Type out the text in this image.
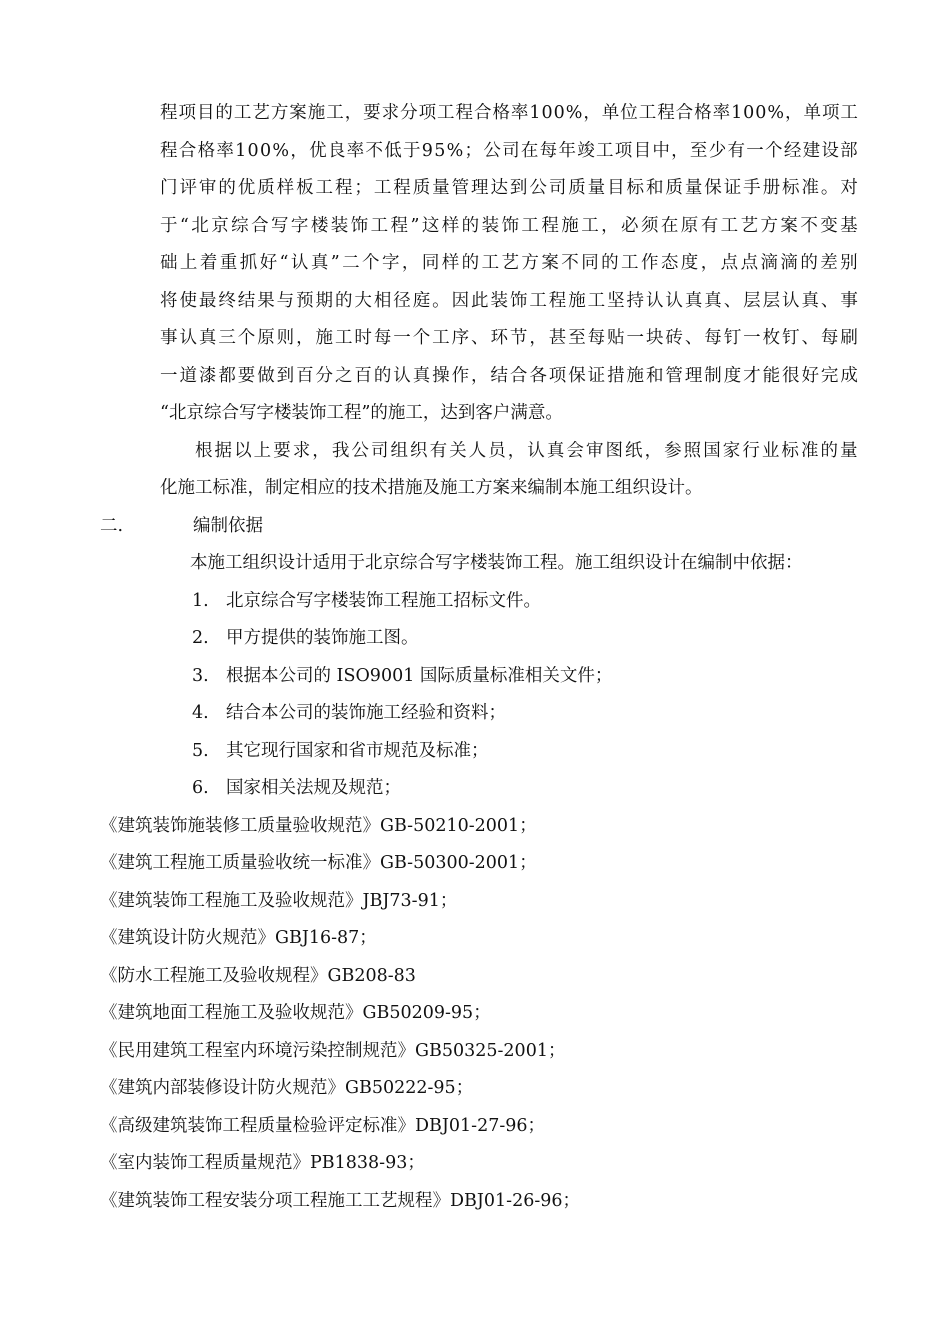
程 项 目 的 工 艺 方 案 施 工 ， 要 求 分 项 工 程 合 格 率 1 0 0 % ， 单 位 工 程 合 格 率 1 0 0 % ， 单 项 工
程 合 格 率 1 0 0 % ， 优 良 率 不 低 于 9 5 % ； 公 司 在 每 年 竣 工 项 目 中 ， 至 少 有 一 个 经 建 设 部
门 评 审 的 优 质 样 板 工 程 ； 工 程 质 量 管 理 达 到 公 司 质 量 目 标 和 质 量 保 证 手 册 标 准 。 对
于 “ 北 京 综 合 写 字 楼 装 饰 工 程 ” 这 样 的 装 饰 工 程 施 工 ， 必 须 在 原 有 工 艺 方 案 不 变 基
础 上 着 重 抓 好 “ 认 真 ” 二 个 字 ， 同 样 的 工 艺 方 案 不 同 的 工 作 态 度 ， 点 点 滴 滴 的 差 别
将 使 最 终 结 果 与 预 期 的 大 相 径 庭 。 因 此 装 饰 工 程 施 工 坚 持 认 认 真 真 、 层 层 认 真 、 事
事 认 真 三 个 原 则 ， 施 工 时 每 一 个 工 序 、 环 节 ， 甚 至 每 贴 一 块 砖 、 每 钉 一 枚 钉 、 每 刷
一 道 漆 都 要 做 到 百 分 之 百 的 认 真 操 作 ， 结 合 各 项 保 证 措 施 和 管 理 制 度 才 能 很 好 完 成
“北京综合写字楼装饰工程”的施工，达到客户满意。
根 据 以 上 要 求 ， 我 公 司 组 织 有 关 人 员 ， 认 真 会 审 图 纸 ， 参 照 国 家 行 业 标 准 的 量
化施工标准，制定相应的技术措施及施工方案来编制本施工组织设计。
二.	编制依据
本施工组织设计适用于北京综合写字楼装饰工程。施工组织设计在编制中依据：
1. 北京综合写字楼装饰工程施工招标文件。
2. 甲方提供的装饰施工图。
3. 根据本公司的 ISO9001 国际质量标准相关文件；
4. 结合本公司的装饰施工经验和资料；
5. 其它现行国家和省市规范及标准；
6. 国家相关法规及规范；
《建筑装饰施装修工质量验收规范》GB-50210-2001；
《建筑工程施工质量验收统一标准》GB-50300-2001；
《建筑装饰工程施工及验收规范》JBJ73-91；
《建筑设计防火规范》GBJ16-87；
《防水工程施工及验收规程》GB208-83
《建筑地面工程施工及验收规范》GB50209-95；
《民用建筑工程室内环境污染控制规范》GB50325-2001；
《建筑内部装修设计防火规范》GB50222-95；
《高级建筑装饰工程质量检验评定标准》DBJ01-27-96；
《室内装饰工程质量规范》PB1838-93；
《建筑装饰工程安装分项工程施工工艺规程》DBJ01-26-96；
